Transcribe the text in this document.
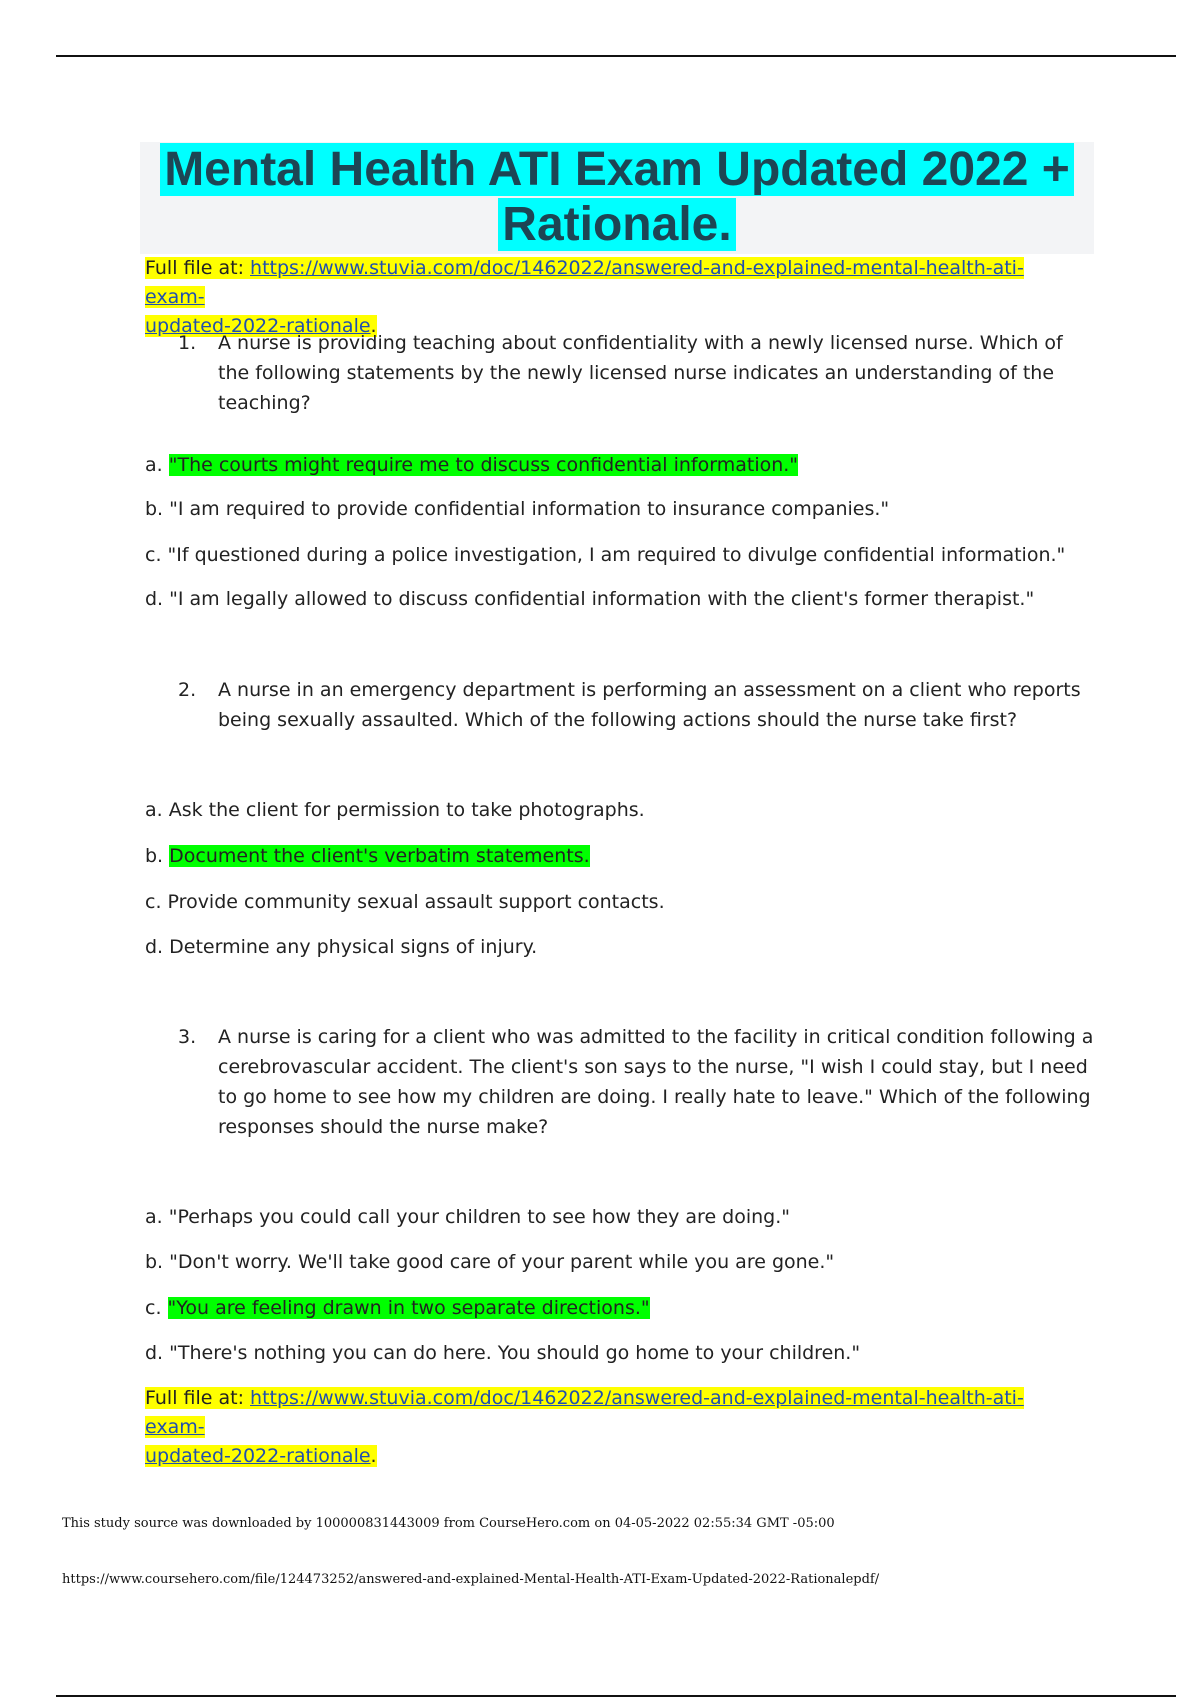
Mental Health ATI Exam Updated 2022 +
Rationale.
Full file at: https://www.stuvia.com/doc/1462022/answered-and-explained-mental-health-ati-exam-
updated-2022-rationale.
1. A nurse is providing teaching about confidentiality with a newly licensed nurse. Which of the following statements by the newly licensed nurse indicates an understanding of the teaching?
a. "The courts might require me to discuss confidential information."
b. "I am required to provide confidential information to insurance companies."
c. "If questioned during a police investigation, I am required to divulge confidential information."
d. "I am legally allowed to discuss confidential information with the client's former therapist."
2. A nurse in an emergency department is performing an assessment on a client who reports being sexually assaulted. Which of the following actions should the nurse take first?
a. Ask the client for permission to take photographs.
b. Document the client's verbatim statements.
c. Provide community sexual assault support contacts.
d. Determine any physical signs of injury.
3. A nurse is caring for a client who was admitted to the facility in critical condition following a cerebrovascular accident. The client's son says to the nurse, "I wish I could stay, but I need to go home to see how my children are doing. I really hate to leave." Which of the following responses should the nurse make?
a. "Perhaps you could call your children to see how they are doing."
b. "Don't worry. We'll take good care of your parent while you are gone."
c. "You are feeling drawn in two separate directions."
d. "There's nothing you can do here. You should go home to your children."
Full file at: https://www.stuvia.com/doc/1462022/answered-and-explained-mental-health-ati-exam-
updated-2022-rationale.
This study source was downloaded by 100000831443009 from CourseHero.com on 04-05-2022 02:55:34 GMT -05:00
https://www.coursehero.com/file/124473252/answered-and-explained-Mental-Health-ATI-Exam-Updated-2022-Rationalepdf/
